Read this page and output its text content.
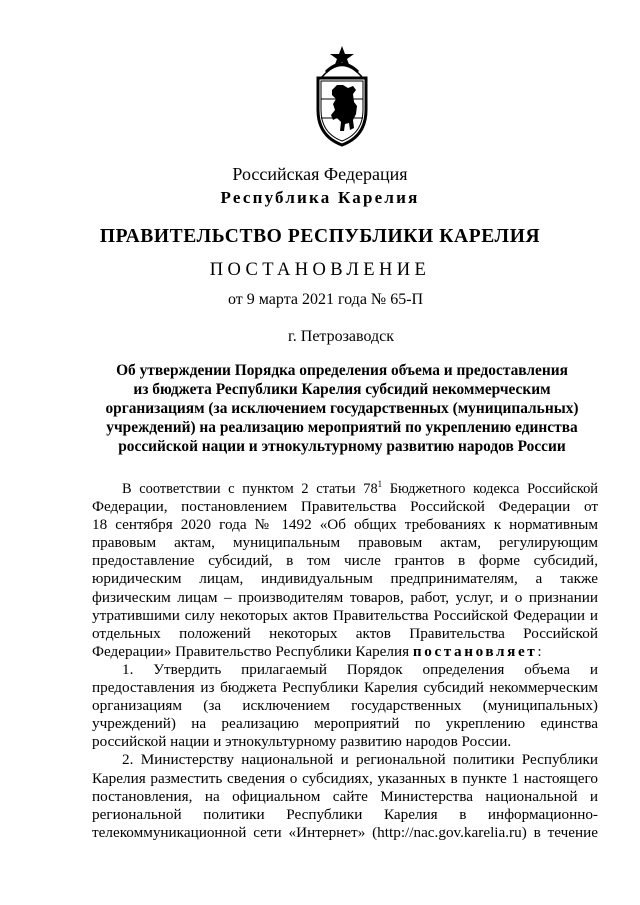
Российская Федерация
Республика Карелия
ПРАВИТЕЛЬСТВО РЕСПУБЛИКИ КАРЕЛИЯ
ПОСТАНОВЛЕНИЕ
от 9 марта 2021 года № 65-П
г. Петрозаводск
Об утверждении Порядка определения объема и предоставления
из бюджета Республики Карелия субсидий некоммерческим
организациям (за исключением государственных (муниципальных)
учреждений) на реализацию мероприятий по укреплению единства
российской нации и этнокультурному развитию народов России
В соответствии с пунктом 2 статьи $78^1$ Бюджетного кодекса Российской
Федерации, постановлением Правительства Российской Федерации от
18 сентября 2020 года № 1492 «Об общих требованиях к нормативным
правовым актам, муниципальным правовым актам, регулирующим
предоставление субсидий, в том числе грантов в форме субсидий,
юридическим лицам, индивидуальным предпринимателям, а также
физическим лицам – производителям товаров, работ, услуг, и о признании
утратившими силу некоторых актов Правительства Российской Федерации и
отдельных положений некоторых актов Правительства Российской
Федерации» Правительство Республики Карелия постановляет:
1. Утвердить прилагаемый Порядок определения объема и
предоставления из бюджета Республики Карелия субсидий некоммерческим
организациям (за исключением государственных (муниципальных)
учреждений) на реализацию мероприятий по укреплению единства
российской нации и этнокультурному развитию народов России.
2. Министерству национальной и региональной политики Республики
Карелия разместить сведения о субсидиях, указанных в пункте 1 настоящего
постановления, на официальном сайте Министерства национальной и
региональной политики Республики Карелия в информационно-
телекоммуникационной сети «Интернет» (http://nac.gov.karelia.ru) в течение
